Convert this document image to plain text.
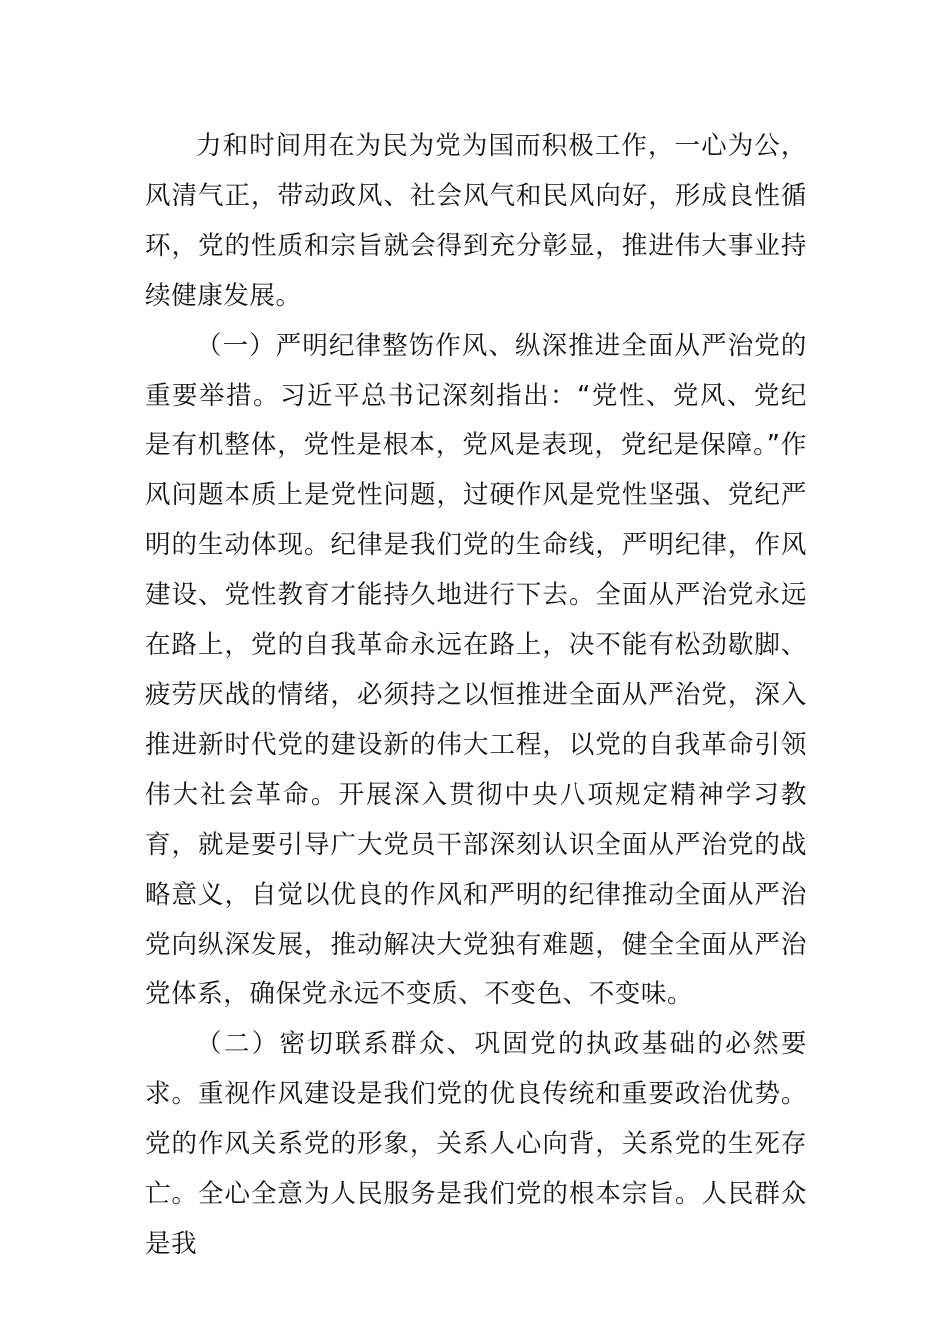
力和时间用在为民为党为国而积极工作，一心为公，风清气正，带动政风、社会风气和民风向好，形成良性循环，党的性质和宗旨就会得到充分彰显，推进伟大事业持续健康发展。

（一）严明纪律整饬作风、纵深推进全面从严治党的重要举措。习近平总书记深刻指出：“党性、党风、党纪是有机整体，党性是根本，党风是表现，党纪是保障。”作风问题本质上是党性问题，过硬作风是党性坚强、党纪严明的生动体现。纪律是我们党的生命线，严明纪律，作风建设、党性教育才能持久地进行下去。全面从严治党永远在路上，党的自我革命永远在路上，决不能有松劲歇脚、疲劳厌战的情绪，必须持之以恒推进全面从严治党，深入推进新时代党的建设新的伟大工程，以党的自我革命引领伟大社会革命。开展深入贯彻中央八项规定精神学习教育，就是要引导广大党员干部深刻认识全面从严治党的战略意义，自觉以优良的作风和严明的纪律推动全面从严治党向纵深发展，推动解决大党独有难题，健全全面从严治党体系，确保党永远不变质、不变色、不变味。

（二）密切联系群众、巩固党的执政基础的必然要求。重视作风建设是我们党的优良传统和重要政治优势。党的作风关系党的形象，关系人心向背，关系党的生死存亡。全心全意为人民服务是我们党的根本宗旨。人民群众是我
